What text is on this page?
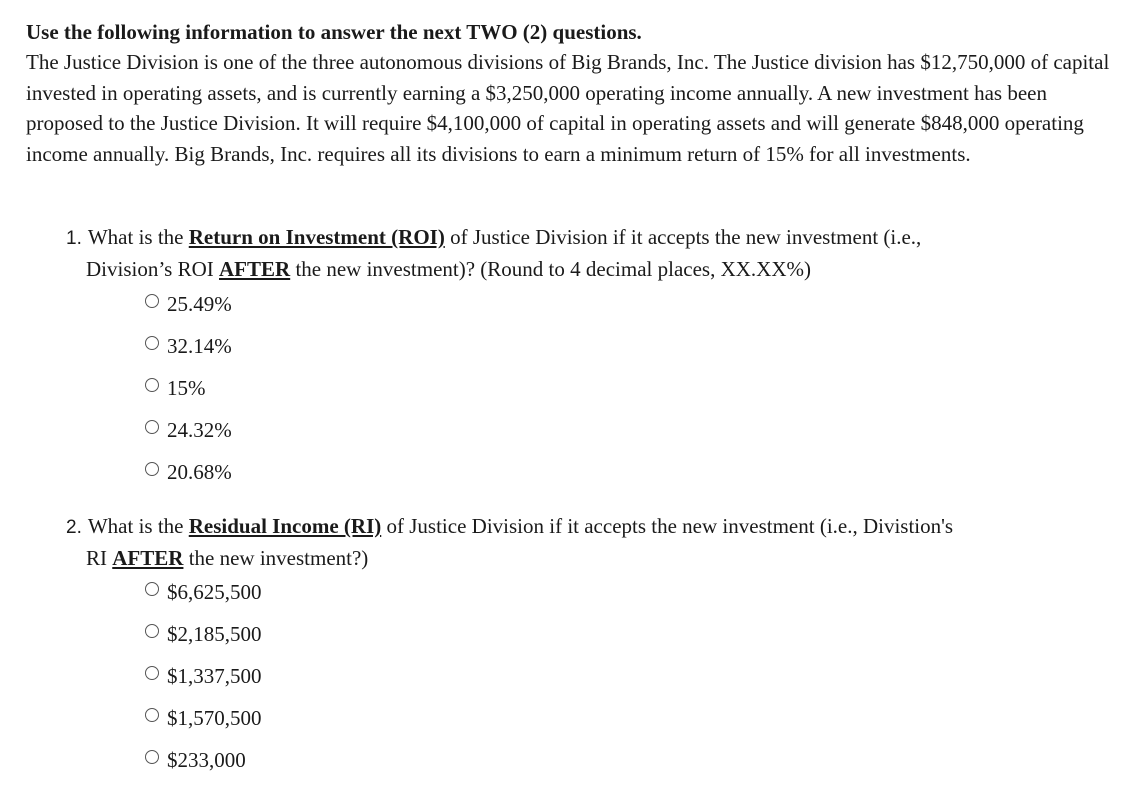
Use the following information to answer the next TWO (2) questions.
The Justice Division is one of the three autonomous divisions of Big Brands, Inc. The Justice division has $12,750,000 of capital invested in operating assets, and is currently earning a $3,250,000 operating income annually. A new investment has been proposed to the Justice Division. It will require $4,100,000 of capital in operating assets and will generate $848,000 operating income annually. Big Brands, Inc. requires all its divisions to earn a minimum return of 15% for all investments.
1. What is the Return on Investment (ROI) of Justice Division if it accepts the new investment (i.e.,
Division’s ROI AFTER the new investment)? (Round to 4 decimal places, XX.XX%)
25.49%
32.14%
15%
24.32%
20.68%
2. What is the Residual Income (RI) of Justice Division if it accepts the new investment (i.e., Divistion's
RI AFTER the new investment?)
$6,625,500
$2,185,500
$1,337,500
$1,570,500
$233,000
